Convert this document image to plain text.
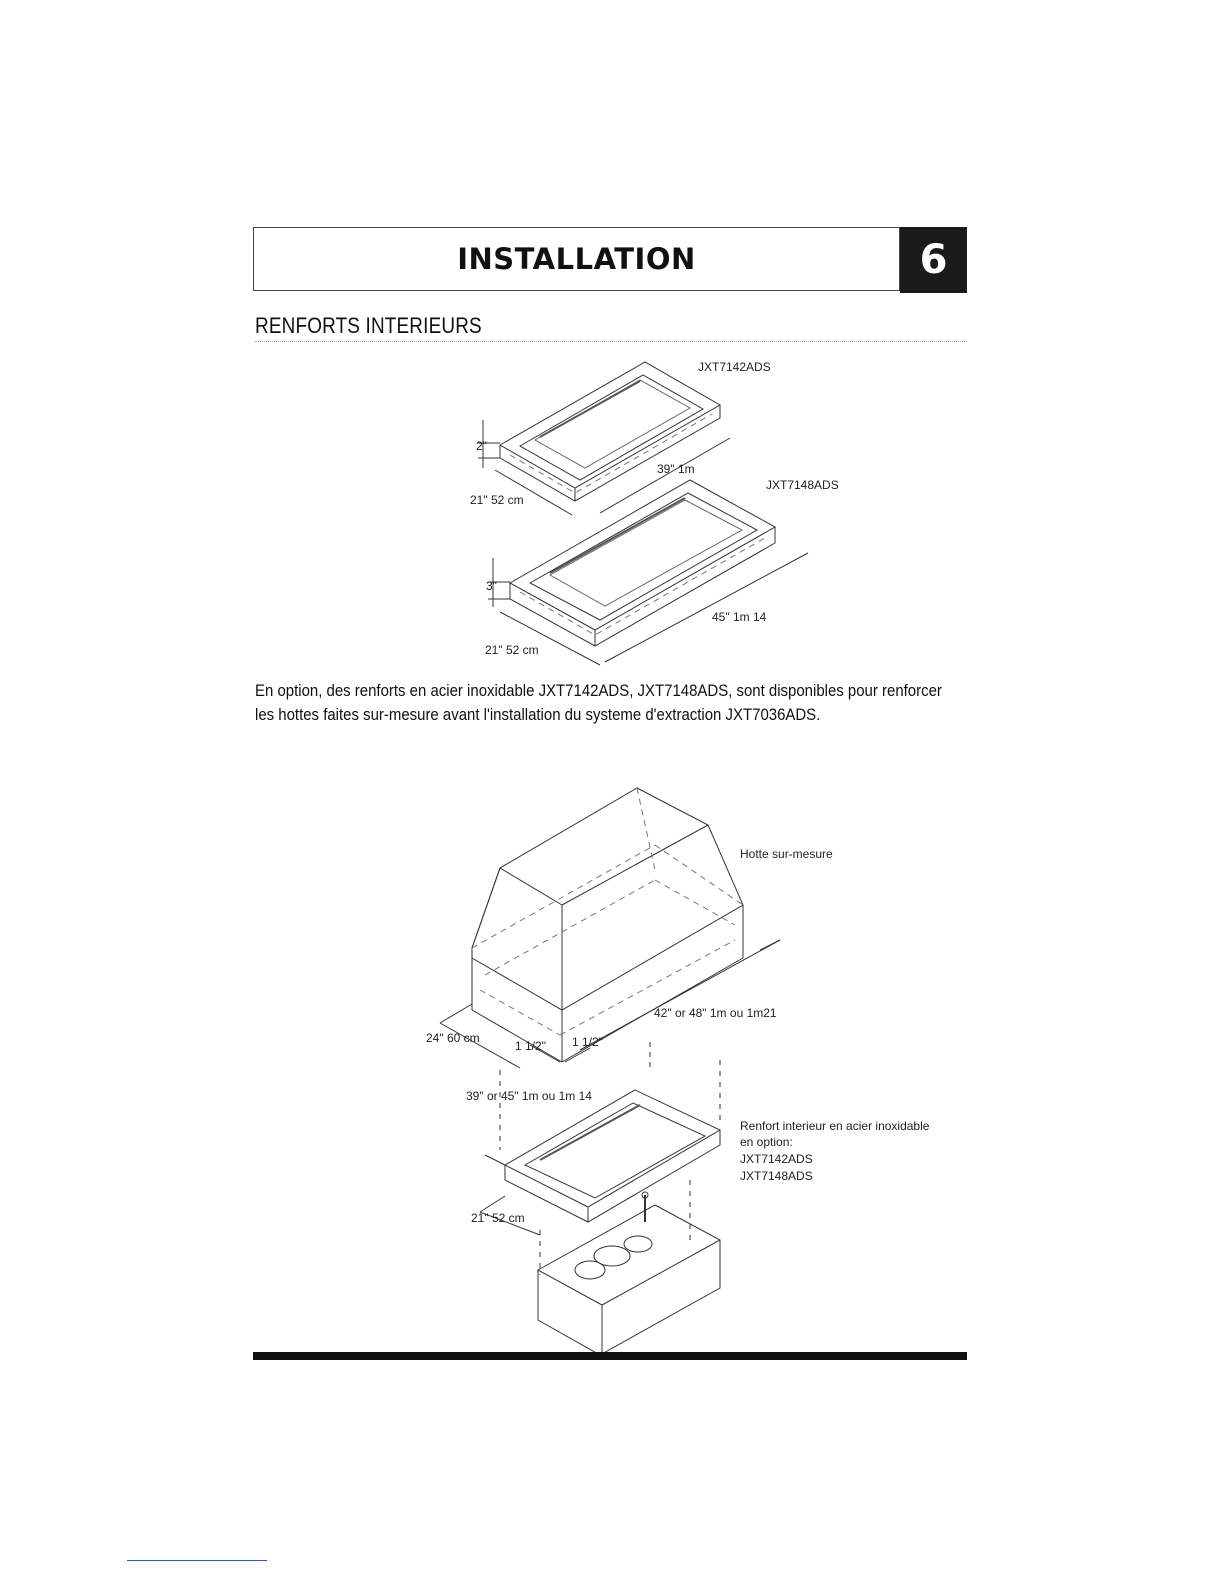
INSTALLATION	6
RENFORTS INTERIEURS
JXT7142ADS
2"
39" 1m
21" 52 cm
JXT7148ADS
3"
45" 1m 14
21" 52 cm

En option, des renforts en acier inoxidable JXT7142ADS, JXT7148ADS, sont disponibles pour renforcer

les hottes faites sur-mesure avant l'installation du systeme d'extraction JXT7036ADS.

Hotte sur-mesure
42" or 48" 1m ou 1m21
24" 60 cm
1 1/2" 1 1/2"
39" or 45" 1m ou 1m 14
21" 52 cm
Renfort interieur en acier inoxidable
en option:
JXT7142ADS
JXT7148ADS
